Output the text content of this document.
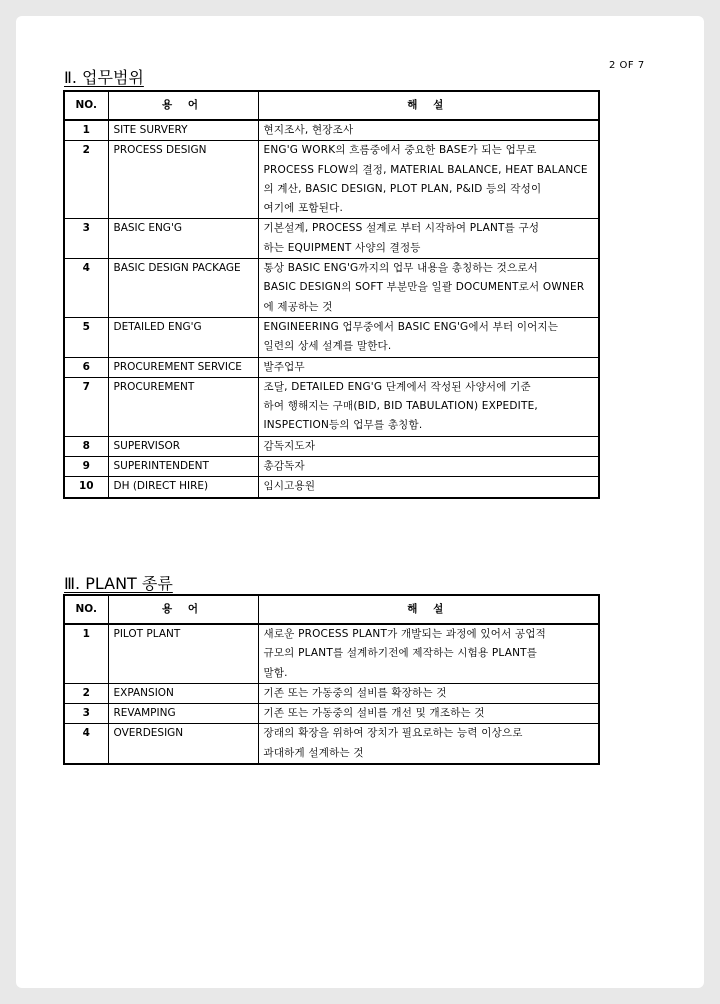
2 OF 7
Ⅱ. 업무범위
NO.	용 어	해 설
1	SITE SURVERY	현지조사, 현장조사

2	PROCESS DESIGN	ENG'G WORK의 흐름중에서 중요한 BASE가 되는 업무로
PROCESS FLOW의 결정, MATERIAL BALANCE, HEAT BALANCE
의 계산, BASIC DESIGN, PLOT PLAN, P&ID 등의 작성이
여기에 포함된다.

3	BASIC ENG'G	기본설계, PROCESS 설계로 부터 시작하여 PLANT를 구성
하는 EQUIPMENT 사양의 결정등

4	BASIC DESIGN PACKAGE	통상 BASIC ENG'G까지의 업무 내용을 총칭하는 것으로서
BASIC DESIGN의 SOFT 부분만을 일괄 DOCUMENT로서 OWNER
에 제공하는 것

5	DETAILED ENG'G	ENGINEERING 업무중에서 BASIC ENG'G에서 부터 이어지는
일련의 상세 설계를 말한다.

6	PROCUREMENT SERVICE	발주업무

7	PROCUREMENT	조달, DETAILED ENG'G 단계에서 작성된 사양서에 기준
하여 행해지는 구매(BID, BID TABULATION) EXPEDITE,
INSPECTION등의 업무를 총칭함.

8	SUPERVISOR	감독지도자

9	SUPERINTENDENT	총감독자

10	DH (DIRECT HIRE)	임시고용원
Ⅲ. PLANT 종류
NO.	용 어	해 설
1	PILOT PLANT	새로운 PROCESS PLANT가 개발되는 과정에 있어서 공업적
규모의 PLANT를 설계하기전에 제작하는 시험용 PLANT를
말함.

2	EXPANSION	기존 또는 가동중의 설비를 확장하는 것

3	REVAMPING	기존 또는 가동중의 설비를 개선 및 개조하는 것

4	OVERDESIGN	장래의 확장을 위하여 장치가 필요로하는 능력 이상으로
과대하게 설계하는 것
